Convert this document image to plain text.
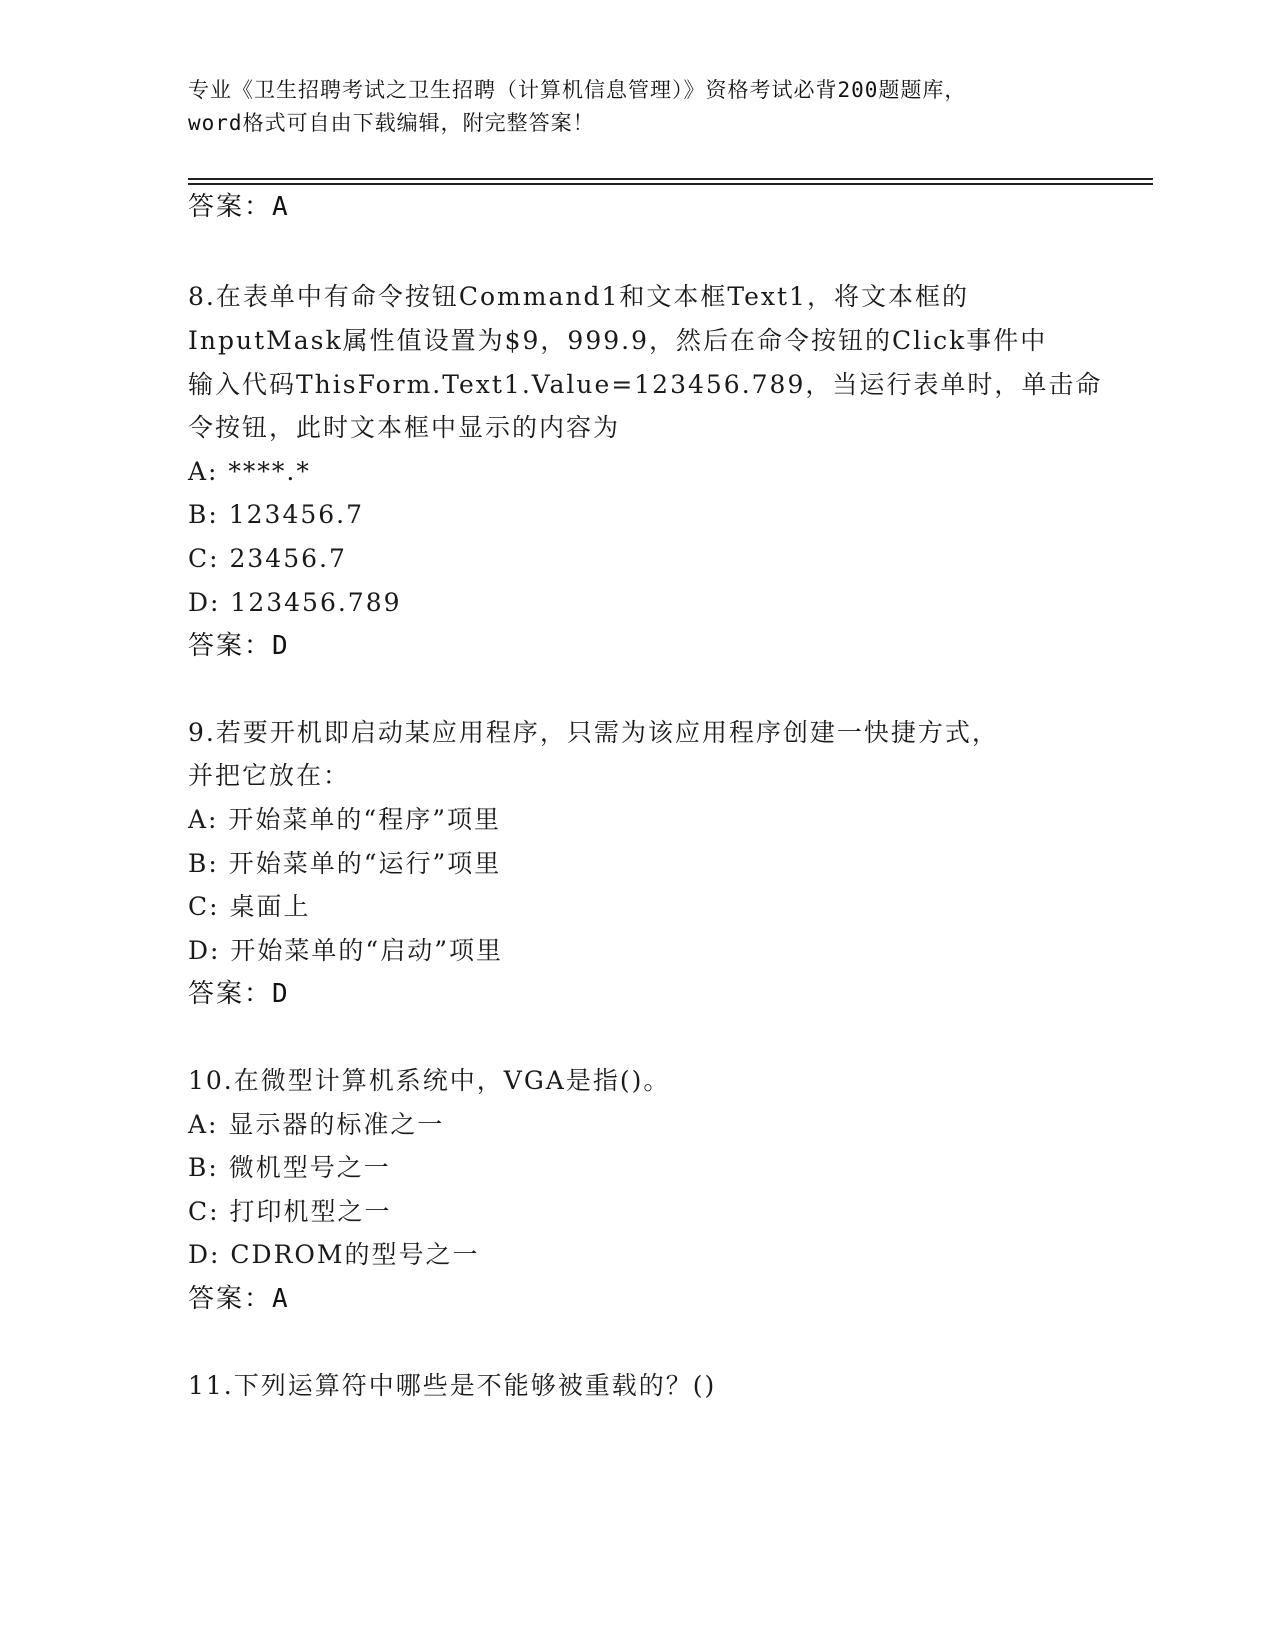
专业《卫生招聘考试之卫生招聘（计算机信息管理）》资格考试必背200题题库，
word格式可自由下载编辑，附完整答案！
答案：A
8.在表单中有命令按钮Command1和文本框Text1，将文本框的
InputMask属性值设置为$9，999.9，然后在命令按钮的Click事件中
输入代码ThisForm.Text1.Value=123456.789，当运行表单时，单击命
令按钮，此时文本框中显示的内容为
A: ****.*
B: 123456.7
C: 23456.7
D: 123456.789
答案：D
9.若要开机即启动某应用程序，只需为该应用程序创建一快捷方式，
并把它放在：
A: 开始菜单的“程序”项里
B: 开始菜单的“运行”项里
C: 桌面上
D: 开始菜单的“启动”项里
答案：D
10.在微型计算机系统中，VGA是指()。
A: 显示器的标准之一
B: 微机型号之一
C: 打印机型之一
D: CDROM的型号之一
答案：A
11.下列运算符中哪些是不能够被重载的？()
